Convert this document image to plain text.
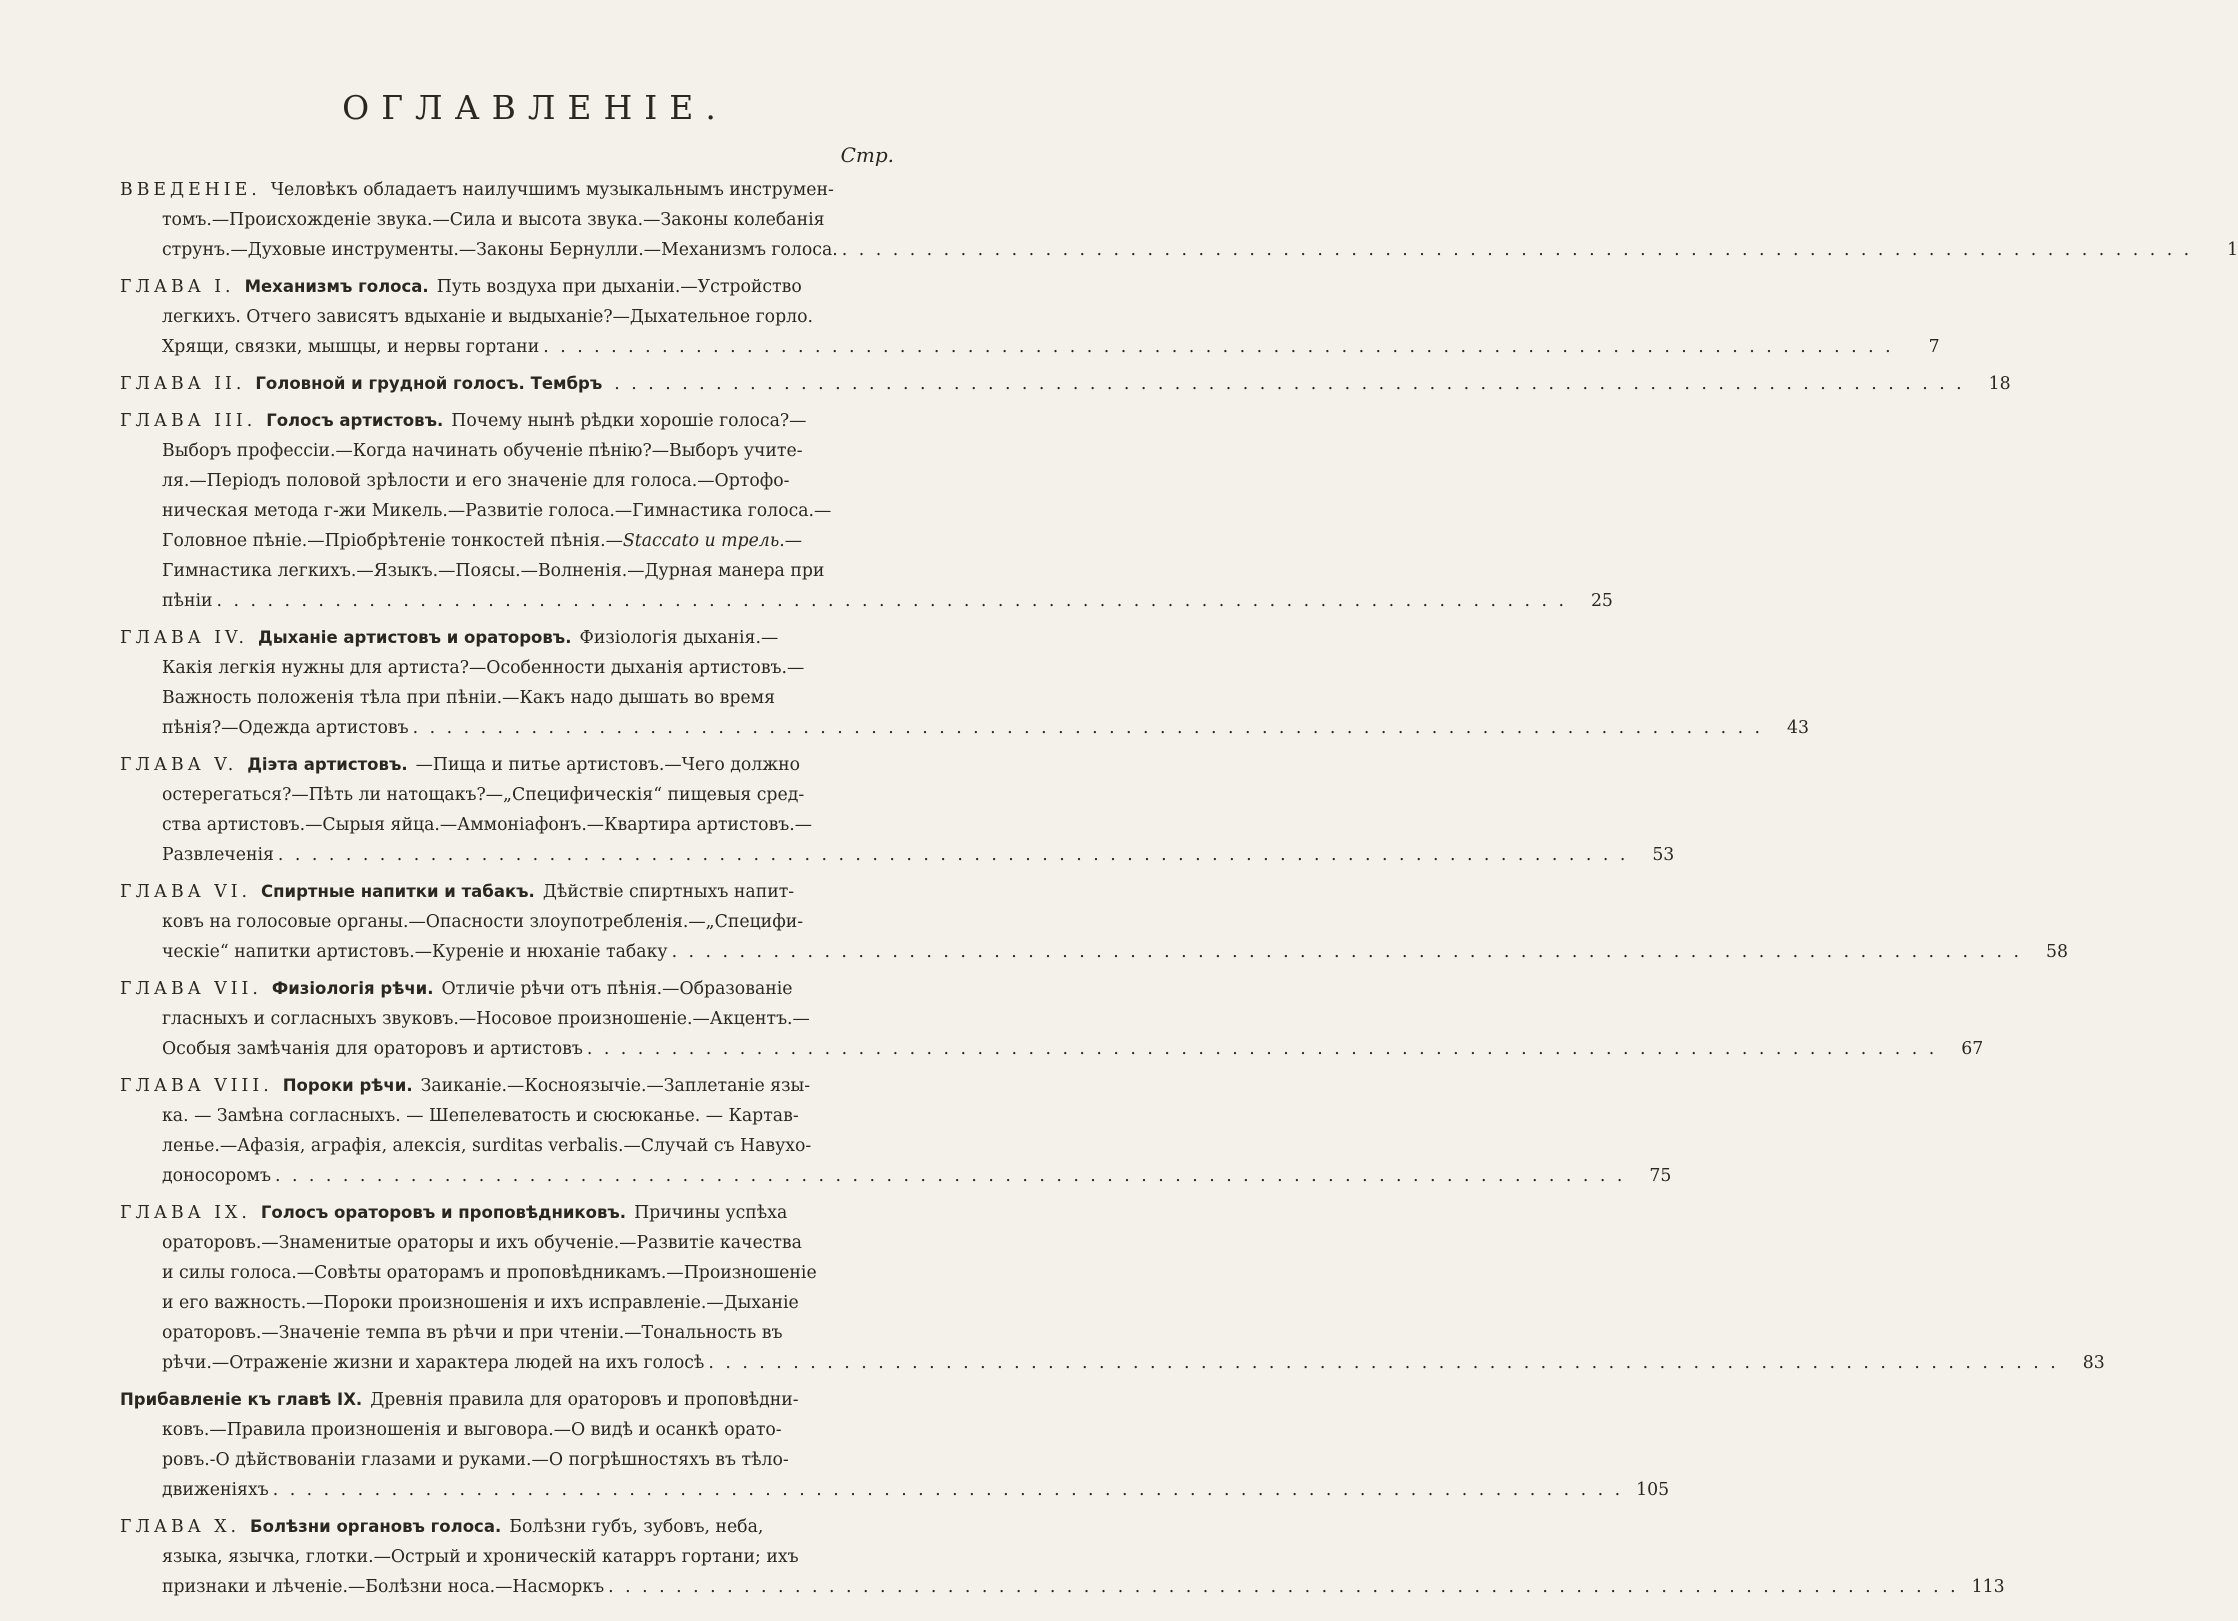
ОГЛАВЛЕНІЕ.
Стр.
ВВЕДЕНІЕ. Человѣкъ обладаетъ наилучшимъ музыкальнымъ инструмен-
томъ.—Происхожденіе звука.—Сила и высота звука.—Законы колебанія
струнъ.—Духовые инструменты.—Законы Бернулли.—Механизмъ голоса. . . .	1
ГЛАВА I. Механизмъ голоса. Путь воздуха при дыханіи.—Устройство
легкихъ. Отчего зависятъ вдыханіе и выдыханіе?—Дыхательное горло.
Хрящи, связки, мышцы, и нервы гортани . . .	7
ГЛАВА II. Головной и грудной голосъ. Тембръ . . .	18
ГЛАВА III. Голосъ артистовъ. Почему нынѣ рѣдки хорошіе голоса?—
Выборъ профессіи.—Когда начинать обученіе пѣнію?—Выборъ учите-
ля.—Періодъ половой зрѣлости и его значеніе для голоса.—Ортофо-
ническая метода г-жи Микель.—Развитіе голоса.—Гимнастика голоса.—
Головное пѣніе.—Пріобрѣтеніе тонкостей пѣнія.—Staccato и трель.—
Гимнастика легкихъ.—Языкъ.—Поясы.—Волненія.—Дурная манера при
пѣніи . . .	25
ГЛАВА IV. Дыханіе артистовъ и ораторовъ. Физіологія дыханія.—
Какія легкія нужны для артиста?—Особенности дыханія артистовъ.—
Важность положенія тѣла при пѣніи.—Какъ надо дышать во время
пѣнія?—Одежда артистовъ . . .	43
ГЛАВА V. Діэта артистовъ. —Пища и питье артистовъ.—Чего должно
остерегаться?—Пѣть ли натощакъ?—„Специфическія“ пищевыя сред-
ства артистовъ.—Сырыя яйца.—Аммоніафонъ.—Квартира артистовъ.—
Развлеченія . . .	53
ГЛАВА VI. Спиртные напитки и табакъ. Дѣйствіе спиртныхъ напит-
ковъ на голосовые органы.—Опасности злоупотребленія.—„Специфи-
ческіе“ напитки артистовъ.—Куреніе и нюханіе табаку . . .	58
ГЛАВА VII. Физіологія рѣчи. Отличіе рѣчи отъ пѣнія.—Образованіе
гласныхъ и согласныхъ звуковъ.—Носовое произношеніе.—Акцентъ.—
Особыя замѣчанія для ораторовъ и артистовъ . . .	67
ГЛАВА VIII. Пороки рѣчи. Заиканіе.—Косноязычіе.—Заплетаніе язы-
ка. — Замѣна согласныхъ. — Шепелеватость и сюсюканье. — Картав-
леньe.—Афазія, аграфія, алексія, surditas verbalis.—Случай съ Навухо-
доносоромъ . . .	75
ГЛАВА IX. Голосъ ораторовъ и проповѣдниковъ. Причины успѣха
ораторовъ.—Знаменитые ораторы и ихъ обученіе.—Развитіе качества
и силы голоса.—Совѣты ораторамъ и проповѣдникамъ.—Произношеніе
и его важность.—Пороки произношенія и ихъ исправленіе.—Дыханіе
ораторовъ.—Значеніе темпа въ рѣчи и при чтеніи.—Тональность въ
рѣчи.—Отраженіе жизни и характера людей на ихъ голосѣ . . .	83
Прибавленіе къ главѣ IX. Древнія правила для ораторовъ и проповѣдни-
ковъ.—Правила произношенія и выговора.—О видѣ и осанкѣ орато-
ровъ.-О дѣйствованіи глазами и руками.—О погрѣшностяхъ въ тѣло-
движеніяхъ . . .	105
ГЛАВА X. Болѣзни органовъ голоса. Болѣзни губъ, зубовъ, неба,
языка, язычка, глотки.—Острый и хроническій катарръ гортани; ихъ
признаки и лѣченіе.—Болѣзни носа.—Насморкъ . . .	113
